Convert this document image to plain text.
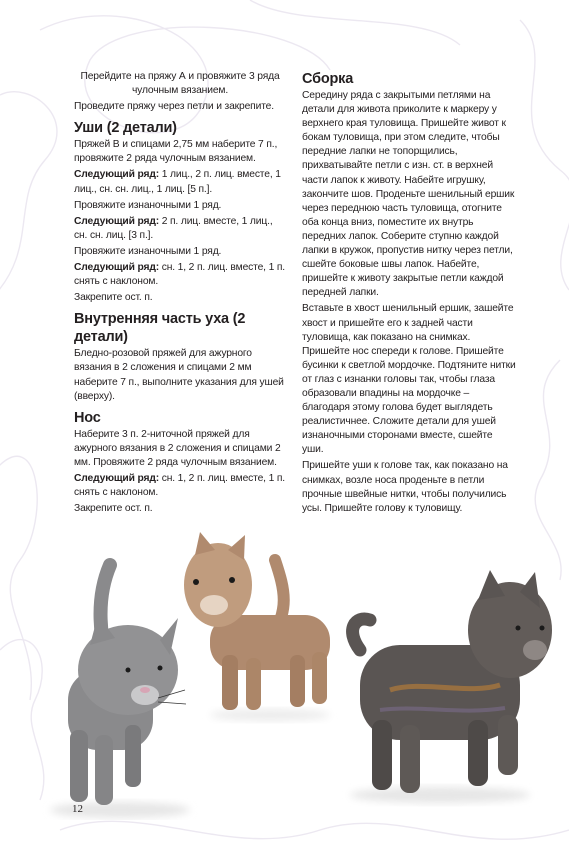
Перейдите на пряжу А и провяжите 3 ряда чулочным вязанием.

Проведите пряжу через петли и закрепите.

Уши (2 детали)

Пряжей В и спицами 2,75 мм наберите 7 п., провяжите 2 ряда чулочным вязанием.

Следующий ряд: 1 лиц., 2 п. лиц. вместе, 1 лиц., сн. сн. лиц., 1 лиц. [5 п.].

Провяжите изнаночными 1 ряд.

Следующий ряд: 2 п. лиц. вместе, 1 лиц., сн. сн. лиц. [3 п.].

Провяжите изнаночными 1 ряд.

Следующий ряд: сн. 1, 2 п. лиц. вместе, 1 п. снять с наклоном.

Закрепите ост. п.

Внутренняя часть уха (2 детали)

Бледно-розовой пряжей для ажурного вязания в 2 сложения и спицами 2 мм наберите 7 п., выполните указания для ушей (вверху).

Нос

Наберите 3 п. 2-ниточной пряжей для ажурного вязания в 2 сложения и спицами 2 мм. Провяжите 2 ряда чулочным вязанием.

Следующий ряд: сн. 1, 2 п. лиц. вместе, 1 п. снять с наклоном.

Закрепите ост. п.

Сборка

Середину ряда с закрытыми петлями на детали для живота приколите к маркеру у верхнего края туловища. Пришейте живот к бокам туловища, при этом следите, чтобы передние лапки не топорщились, прихватывайте петли с изн. ст. в верхней части лапок к животу. Набейте игрушку, закончите шов. Проденьте шенильный ершик через переднюю часть туловища, отогните оба конца вниз, поместите их внутрь передних лапок. Соберите ступню каждой лапки в кружок, пропустив нитку через петли, сшейте боковые швы лапок. Набейте, пришейте к животу закрытые петли каждой передней лапки.

Вставьте в хвост шенильный ершик, зашейте хвост и пришейте его к задней части туловища, как показано на снимках. Пришейте нос спереди к голове. Пришейте бусинки к светлой мордочке. Подтяните нитки от глаз с изнанки головы так, чтобы глаза образовали впадины на мордочке – благодаря этому голова будет выглядеть реалистичнее. Сложите детали для ушей изнаночными сторонами вместе, сшейте уши.

Пришейте уши к голове так, как показано на снимках, возле носа проденьте в петли прочные швейные нитки, чтобы получились усы. Пришейте голову к туловищу.

12
